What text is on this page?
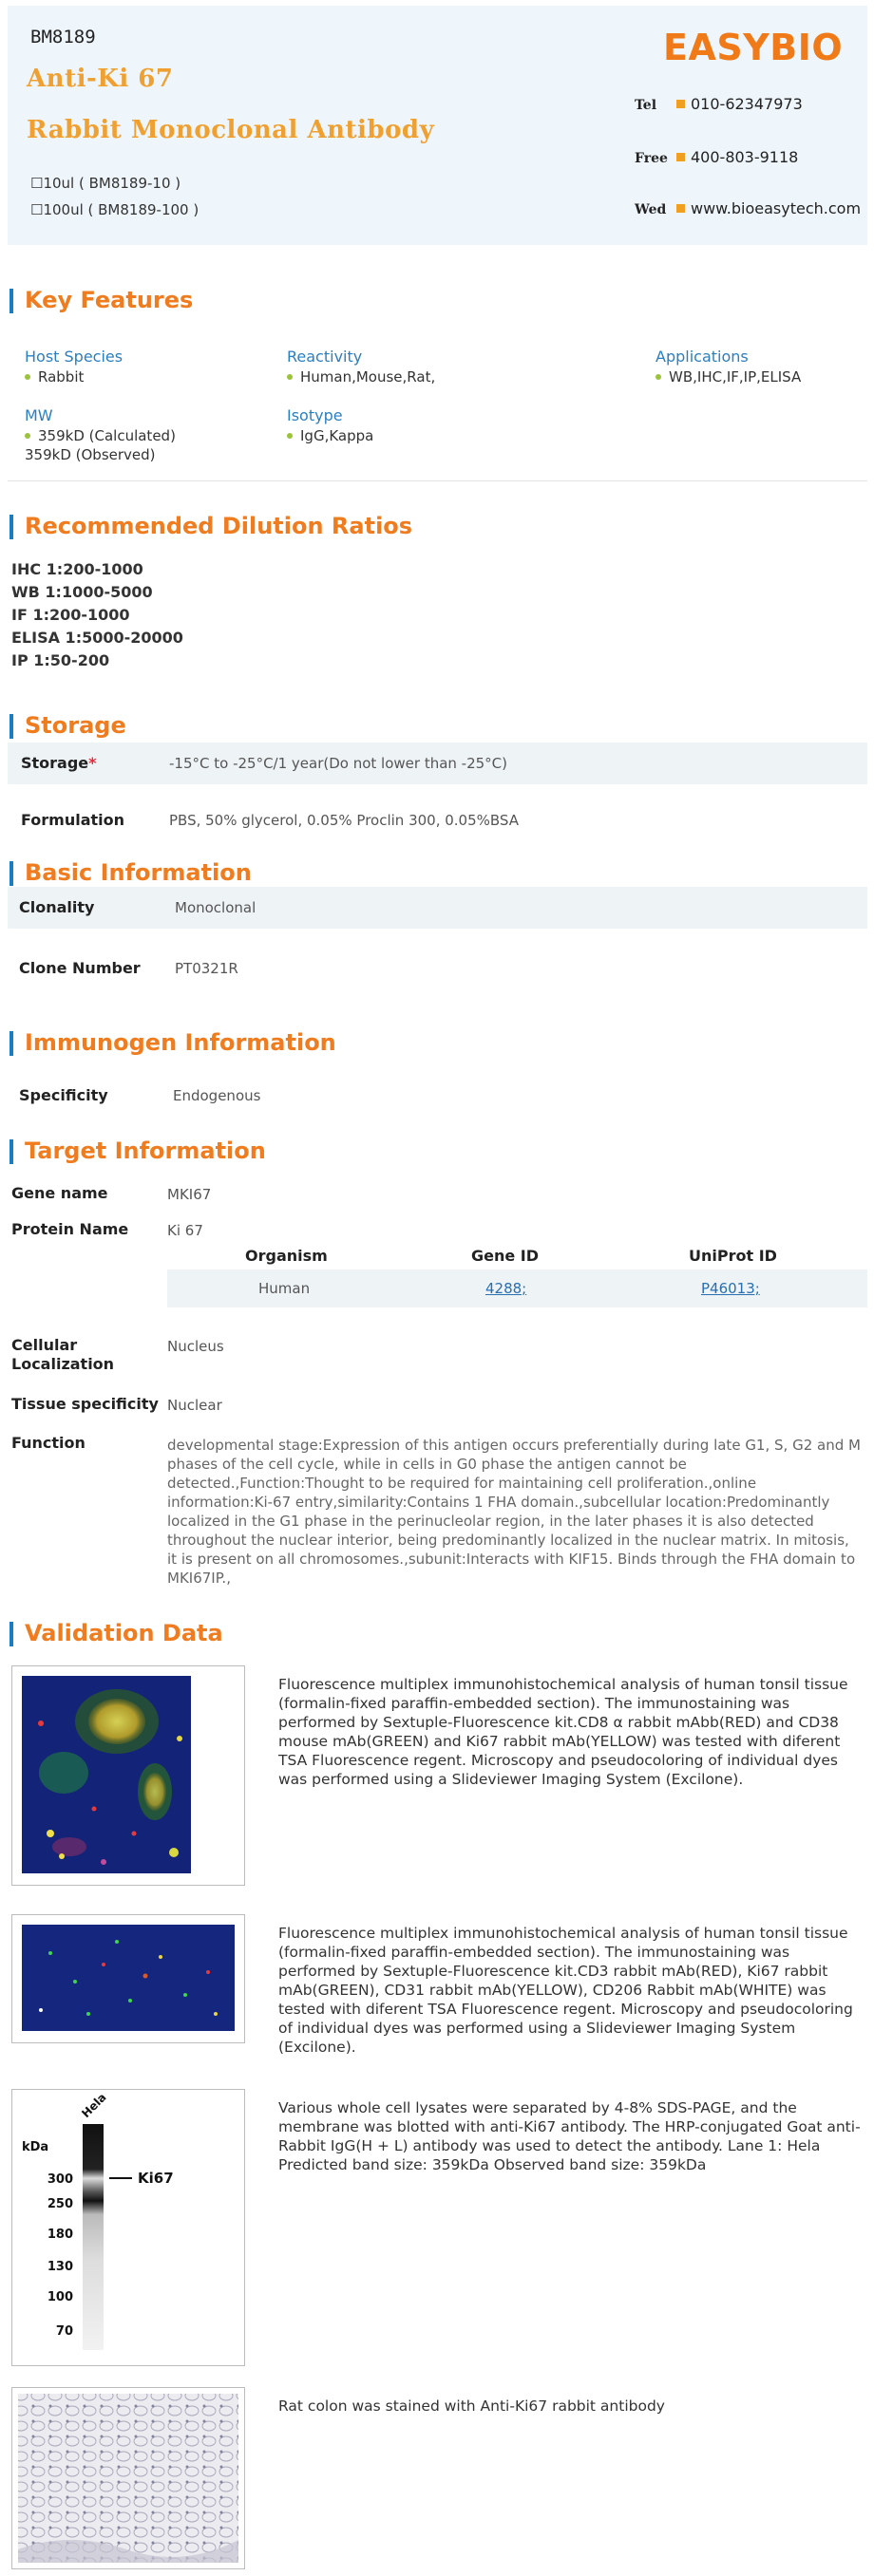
BM8189
Anti-Ki 67
Rabbit Monoclonal Antibody
☐10ul ( BM8189-10 )
☐100ul ( BM8189-100 )
EASYBIO
Tel 010-62347973
Free 400-803-9118
Wed www.bioeasytech.com
Key Features
Host Species
Rabbit
Reactivity
Human,Mouse,Rat,
Applications
WB,IHC,IF,IP,ELISA
MW
359kD (Calculated)
359kD (Observed)
Isotype
IgG,Kappa
Recommended Dilution Ratios
IHC 1:200-1000
WB 1:1000-5000
IF 1:200-1000
ELISA 1:5000-20000
IP 1:50-200
Storage
Storage*	-15°C to -25°C/1 year(Do not lower than -25°C)
Formulation	PBS, 50% glycerol, 0.05% Proclin 300, 0.05%BSA
Basic Information
Clonality	Monoclonal
Clone Number PT0321R
Immunogen Information
Specificity	Endogenous
Target Information
Gene name	MKI67
Protein Name	Ki 67
Organism	Gene ID	UniProt ID
Human	4288;	P46013;
Cellular Localization
Nucleus
Tissue specificity Nuclear
Function	developmental stage:Expression of this antigen occurs preferentially during late G1, S, G2 and M phases of the cell cycle, while in cells in G0 phase the antigen cannot be detected.,Function:Thought to be required for maintaining cell proliferation.,online information:Ki-67 entry,similarity:Contains 1 FHA domain.,subcellular location:Predominantly localized in the G1 phase in the perinucleolar region, in the later phases it is also detected throughout the nuclear interior, being predominantly localized in the nuclear matrix. In mitosis, it is present on all chromosomes.,subunit:Interacts with KIF15. Binds through the FHA domain to MKI67IP.,
Validation Data
Fluorescence multiplex immunohistochemical analysis of human tonsil tissue (formalin-fixed paraffin-embedded section). The immunostaining was performed by Sextuple-Fluorescence kit.CD8 α rabbit mAbb(RED) and CD38 mouse mAb(GREEN) and Ki67 rabbit mAb(YELLOW) was tested with diferent TSA Fluorescence regent. Microscopy and pseudocoloring of individual dyes was performed using a Slideviewer Imaging System (Excilone).
Fluorescence multiplex immunohistochemical analysis of human tonsil tissue (formalin-fixed paraffin-embedded section). The immunostaining was performed by Sextuple-Fluorescence kit.CD3 rabbit mAb(RED), Ki67 rabbit mAb(GREEN), CD31 rabbit mAb(YELLOW), CD206 Rabbit mAb(WHITE) was tested with diferent TSA Fluorescence regent. Microscopy and pseudocoloring of individual dyes was performed using a Slideviewer Imaging System (Excilone).
kDa
Hela
Ki67
300
250
180
130
100
70
Various whole cell lysates were separated by 4-8% SDS-PAGE, and the membrane was blotted with anti-Ki67 antibody. The HRP-conjugated Goat anti-Rabbit IgG(H + L) antibody was used to detect the antibody. Lane 1: Hela Predicted band size: 359kDa Observed band size: 359kDa
Rat colon was stained with Anti-Ki67 rabbit antibody
